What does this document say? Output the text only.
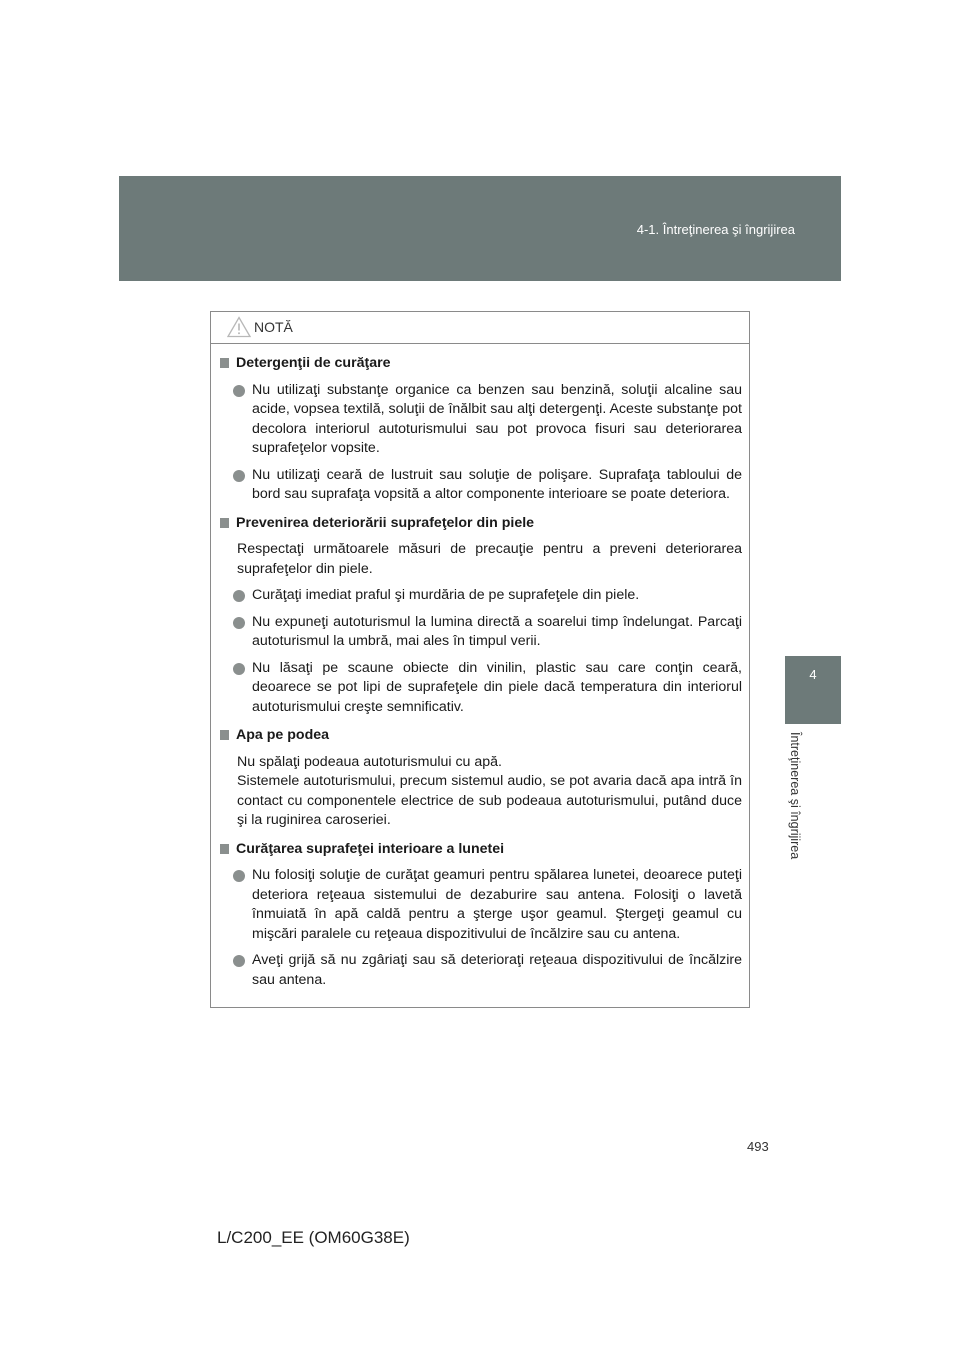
4-1. Întreţinerea şi îngrijirea
4
Întreţinerea şi îngrijirea
NOTĂ
Detergenţii de curăţare
Nu utilizaţi substanţe organice ca benzen sau benzină, soluţii alcaline sau acide, vopsea textilă, soluţii de înălbit sau alţi detergenţi. Aceste substanţe pot decolora interiorul autoturismului sau pot provoca fisuri sau deteriorarea suprafeţelor vopsite.
Nu utilizaţi ceară de lustruit sau soluţie de polişare. Suprafaţa tabloului de bord sau suprafaţa vopsită a altor componente interioare se poate deteriora.
Prevenirea deteriorării suprafeţelor din piele
Respectaţi următoarele măsuri de precauţie pentru a preveni deteriorarea suprafeţelor din piele.
Curăţaţi imediat praful şi murdăria de pe suprafeţele din piele.
Nu expuneţi autoturismul la lumina directă a soarelui timp îndelungat. Parcaţi autoturismul la umbră, mai ales în timpul verii.
Nu lăsaţi pe scaune obiecte din vinilin, plastic sau care conţin ceară, deoarece se pot lipi de suprafeţele din piele dacă temperatura din interiorul autoturismului creşte semnificativ.
Apa pe podea
Nu spălaţi podeaua autoturismului cu apă.
Sistemele autoturismului, precum sistemul audio, se pot avaria dacă apa intră în contact cu componentele electrice de sub podeaua autoturismului, putând duce şi la ruginirea caroseriei.
Curăţarea suprafeţei interioare a lunetei
Nu folosiţi soluţie de curăţat geamuri pentru spălarea lunetei, deoarece puteţi deteriora reţeaua sistemului de dezaburire sau antena. Folosiţi o lavetă înmuiată în apă caldă pentru a şterge uşor geamul. Ştergeţi geamul cu mişcări paralele cu reţeaua dispozitivului de încălzire sau cu antena.
Aveţi grijă să nu zgâriaţi sau să deterioraţi reţeaua dispozitivului de încălzire sau antena.
493
L/C200_EE (OM60G38E)
